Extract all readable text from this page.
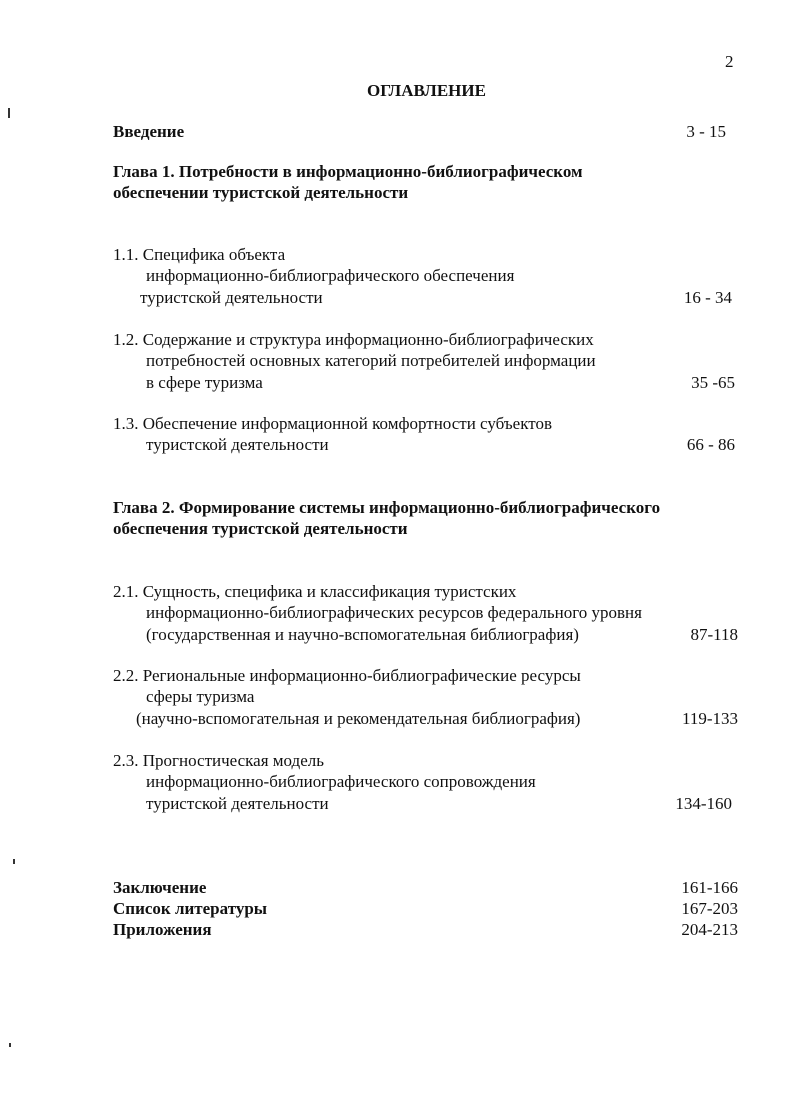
2
ОГЛАВЛЕНИЕ
Введение	3 - 15
Глава 1. Потребности в информационно-библиографическом
обеспечении туристской деятельности
1.1. Специфика объекта
информационно-библиографического обеспечения
туристской деятельности	16 - 34
1.2. Содержание и структура информационно-библиографических
потребностей основных категорий потребителей информации
в сфере туризма	35 -65
1.3. Обеспечение информационной комфортности субъектов
туристской деятельности	66 - 86
Глава 2. Формирование системы информационно-библиографического
обеспечения туристской деятельности
2.1. Сущность, специфика и классификация туристских
информационно-библиографических ресурсов федерального уровня
(государственная и научно-вспомогательная библиография)	87-118
2.2. Региональные информационно-библиографические ресурсы
сферы туризма
(научно-вспомогательная и рекомендательная библиография)	119-133
2.3. Прогностическая модель
информационно-библиографического сопровождения
туристской деятельности	134-160
Заключение	161-166
Список литературы	167-203
Приложения	204-213
